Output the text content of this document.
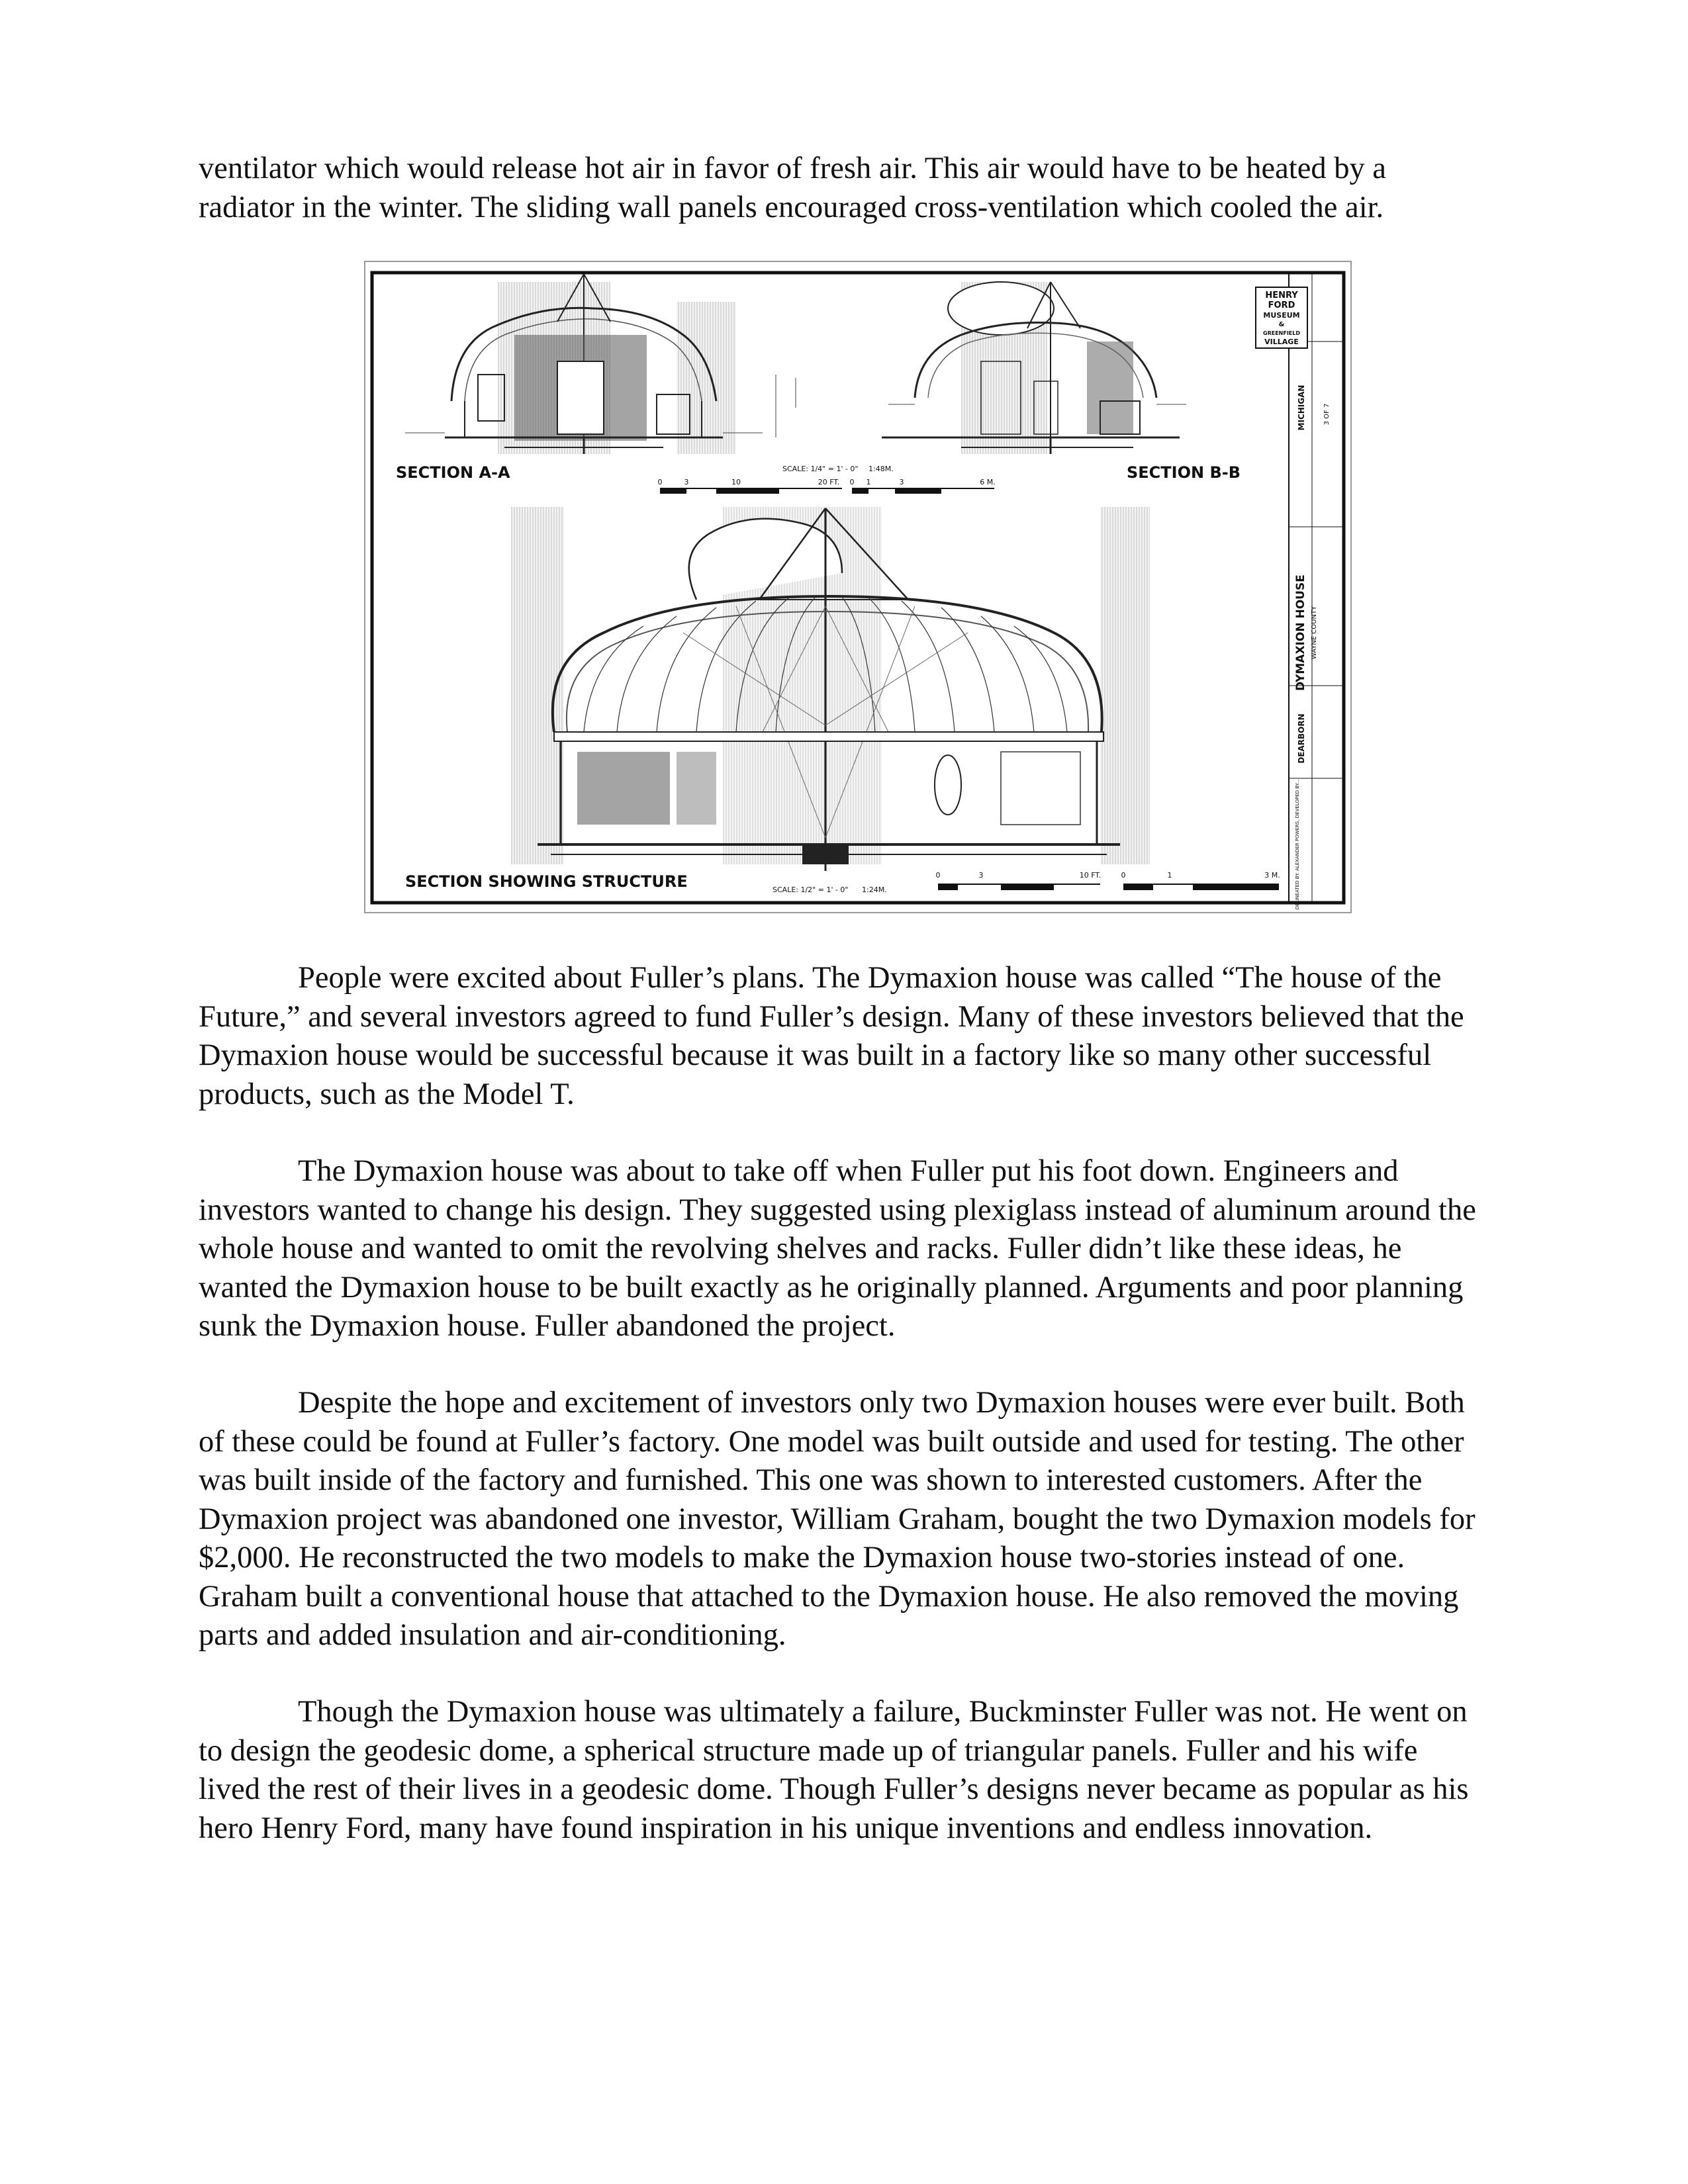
ventilator which would release hot air in favor of fresh air. This air would have to be heated by a radiator in the winter. The sliding wall panels encouraged cross-ventilation which cooled the air.

HENRY
FORD
MUSEUM
&
GREENFIELD
VILLAGE
DYMAXION HOUSE WAYNE COUNTY
MICHIGAN
DEARBORN
DELINEATED BY: ALEXANDER POWERS, DEVELOPED BY...
3 OF 7
SECTION A-A	SECTION B-B
SCALE: 1/4" = 1' - 0" 1:48M.
0	3	10	20 FT. 0 1	3	6 M.
SECTION SHOWING STRUCTURE	SCALE: 1/2" = 1' - 0" 1:24M.
0	3	10 FT.	0	1	3 M.

People were excited about Fuller’s plans. The Dymaxion house was called “The house of the Future,” and several investors agreed to fund Fuller’s design. Many of these investors believed that the Dymaxion house would be successful because it was built in a factory like so many other successful products, such as the Model T.

The Dymaxion house was about to take off when Fuller put his foot down. Engineers and investors wanted to change his design. They suggested using plexiglass instead of aluminum around the whole house and wanted to omit the revolving shelves and racks. Fuller didn’t like these ideas, he wanted the Dymaxion house to be built exactly as he originally planned. Arguments and poor planning sunk the Dymaxion house. Fuller abandoned the project.

Despite the hope and excitement of investors only two Dymaxion houses were ever built. Both of these could be found at Fuller’s factory. One model was built outside and used for testing. The other was built inside of the factory and furnished. This one was shown to interested customers. After the Dymaxion project was abandoned one investor, William Graham, bought the two Dymaxion models for $2,000. He reconstructed the two models to make the Dymaxion house two-stories instead of one. Graham built a conventional house that attached to the Dymaxion house. He also removed the moving parts and added insulation and air-conditioning.

Though the Dymaxion house was ultimately a failure, Buckminster Fuller was not. He went on to design the geodesic dome, a spherical structure made up of triangular panels. Fuller and his wife lived the rest of their lives in a geodesic dome. Though Fuller’s designs never became as popular as his hero Henry Ford, many have found inspiration in his unique inventions and endless innovation.
